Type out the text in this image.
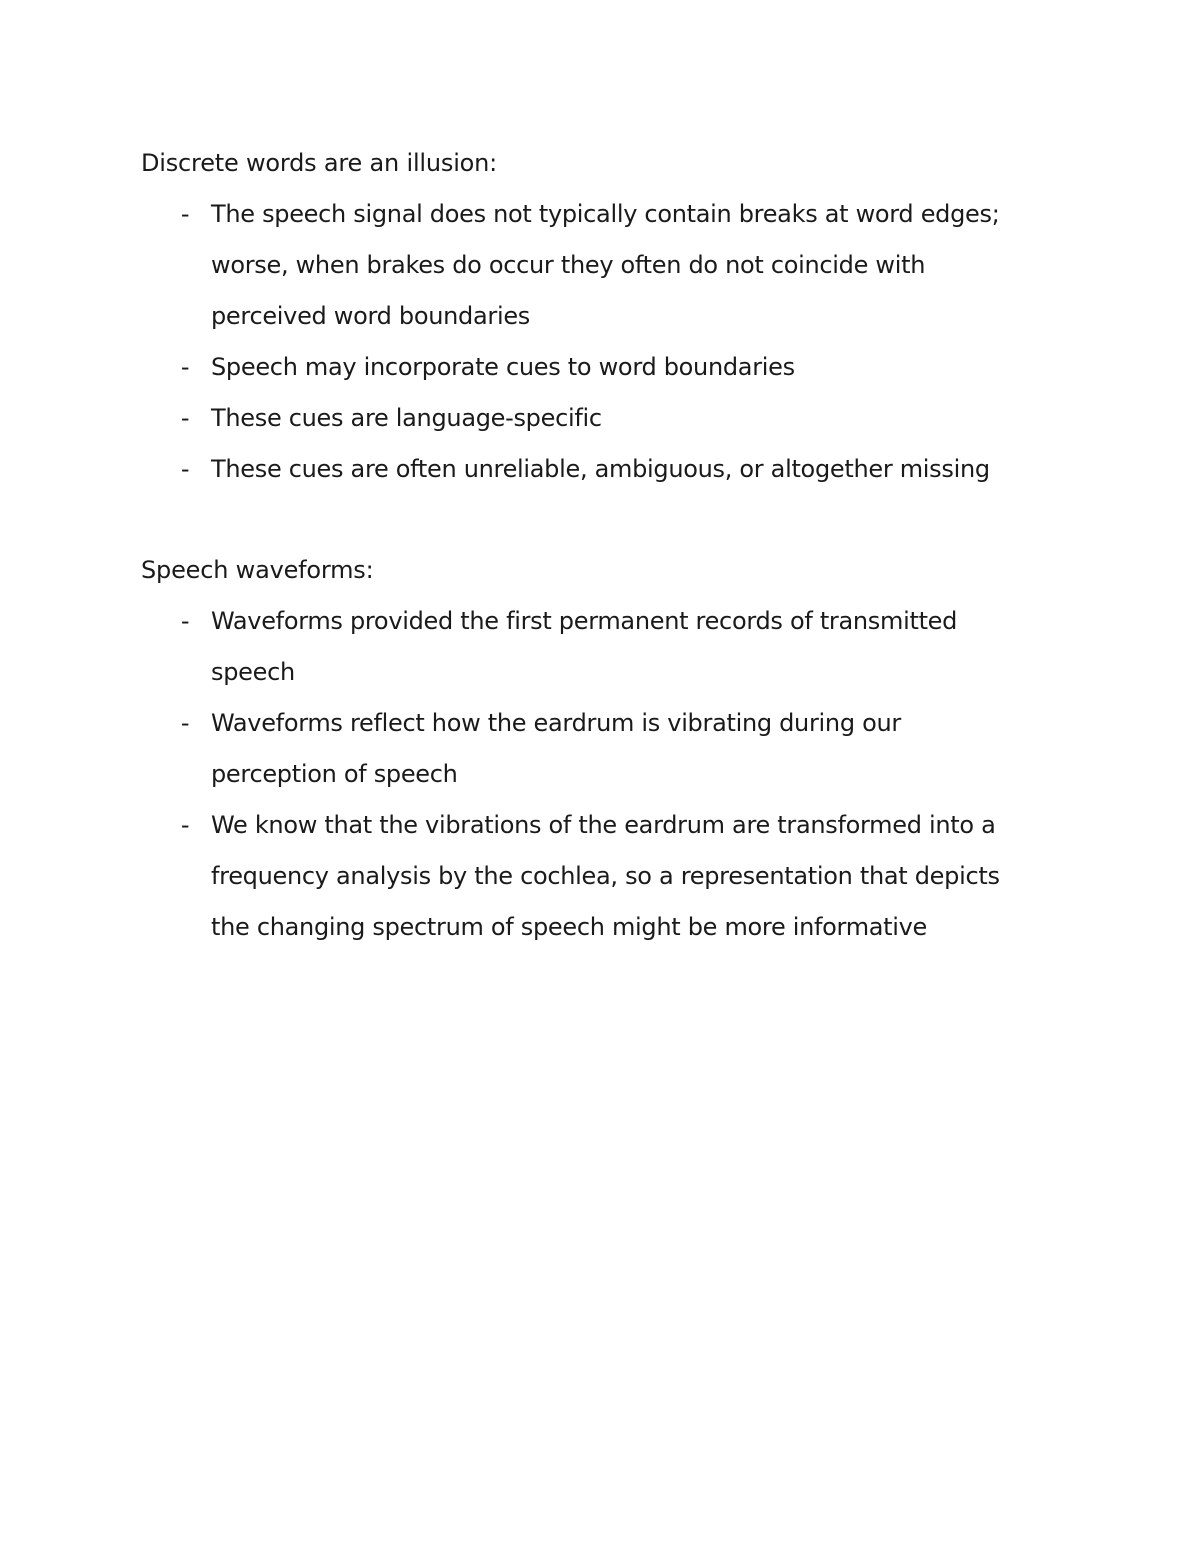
Discrete words are an illusion:
- The speech signal does not typically contain breaks at word edges;
worse, when brakes do occur they often do not coincide with
perceived word boundaries
- Speech may incorporate cues to word boundaries
- These cues are language-specific
- These cues are often unreliable, ambiguous, or altogether missing
Speech waveforms:
- Waveforms provided the first permanent records of transmitted
speech
- Waveforms reflect how the eardrum is vibrating during our
perception of speech
- We know that the vibrations of the eardrum are transformed into a
frequency analysis by the cochlea, so a representation that depicts
the changing spectrum of speech might be more informative
